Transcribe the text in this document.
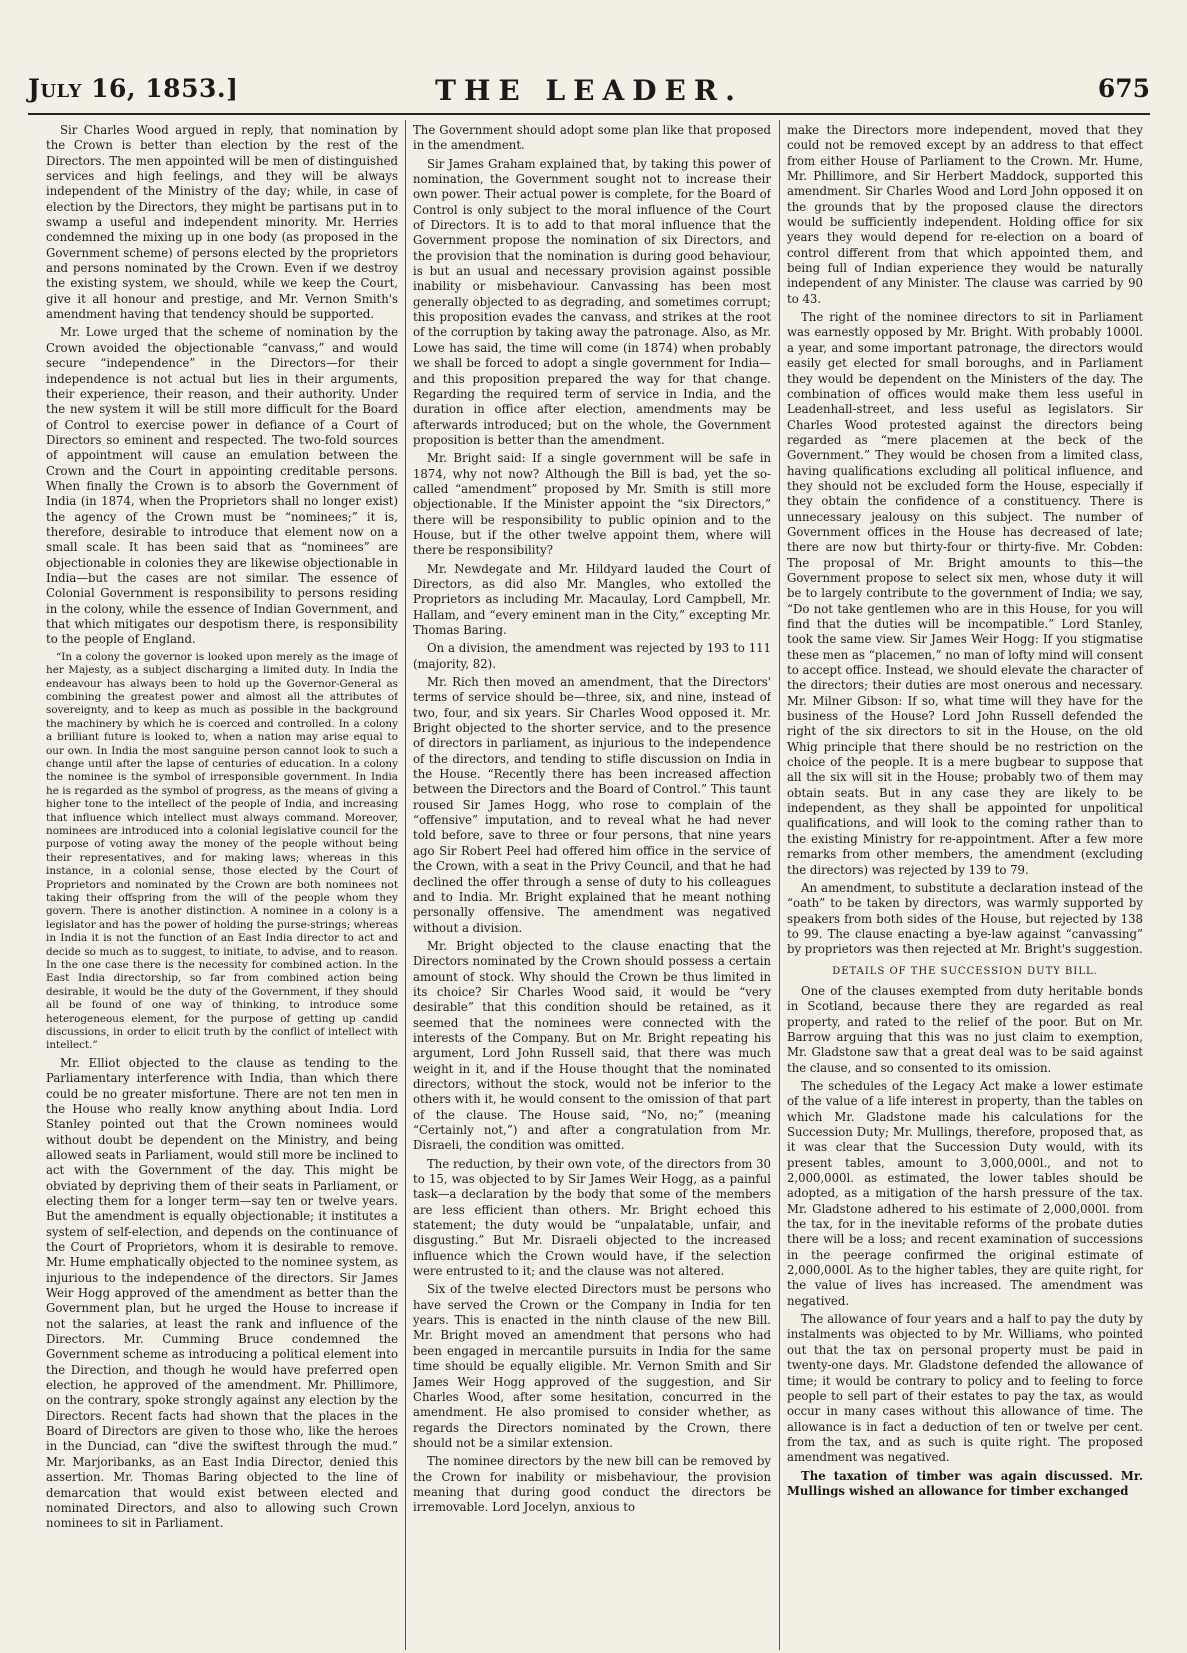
July 16, 1853.]	THE LEADER.	675

Sir Charles Wood argued in reply, that nomination by the Crown is better than election by the rest of the Directors. The men appointed will be men of distinguished services and high feelings, and they will be always independent of the Ministry of the day; while, in case of election by the Directors, they might be partisans put in to swamp a useful and independent minority. Mr. Herries condemned the mixing up in one body (as proposed in the Government scheme) of persons elected by the proprietors and persons nominated by the Crown. Even if we destroy the existing system, we should, while we keep the Court, give it all honour and prestige, and Mr. Vernon Smith's amendment having that tendency should be supported.

Mr. Lowe urged that the scheme of nomination by the Crown avoided the objectionable “canvass,” and would secure “independence” in the Directors—for their independence is not actual but lies in their arguments, their experience, their reason, and their authority. Under the new system it will be still more difficult for the Board of Control to exercise power in defiance of a Court of Directors so eminent and respected. The two-fold sources of appointment will cause an emulation between the Crown and the Court in appointing creditable persons. When finally the Crown is to absorb the Government of India (in 1874, when the Proprietors shall no longer exist) the agency of the Crown must be “nominees;” it is, therefore, desirable to introduce that element now on a small scale. It has been said that as “nominees” are objectionable in colonies they are likewise objectionable in India—but the cases are not similar. The essence of Colonial Government is responsibility to persons residing in the colony, while the essence of Indian Government, and that which mitigates our despotism there, is responsibility to the people of England.

“In a colony the governor is looked upon merely as the image of her Majesty, as a subject discharging a limited duty. In India the endeavour has always been to hold up the Governor-General as combining the greatest power and almost all the attributes of sovereignty, and to keep as much as possible in the background the machinery by which he is coerced and controlled. In a colony a brilliant future is looked to, when a nation may arise equal to our own. In India the most sanguine person cannot look to such a change until after the lapse of centuries of education. In a colony the nominee is the symbol of irresponsible government. In India he is regarded as the symbol of progress, as the means of giving a higher tone to the intellect of the people of India, and increasing that influence which intellect must always command. Moreover, nominees are introduced into a colonial legislative council for the purpose of voting away the money of the people without being their representatives, and for making laws; whereas in this instance, in a colonial sense, those elected by the Court of Proprietors and nominated by the Crown are both nominees not taking their offspring from the will of the people whom they govern. There is another distinction. A nominee in a colony is a legislator and has the power of holding the purse-strings; whereas in India it is not the function of an East India director to act and decide so much as to suggest, to initiate, to advise, and to reason. In the one case there is the necessity for combined action. In the East India directorship, so far from combined action being desirable, it would be the duty of the Government, if they should all be found of one way of thinking, to introduce some heterogeneous element, for the purpose of getting up candid discussions, in order to elicit truth by the conflict of intellect with intellect.”

Mr. Elliot objected to the clause as tending to the Parliamentary interference with India, than which there could be no greater misfortune. There are not ten men in the House who really know anything about India. Lord Stanley pointed out that the Crown nominees would without doubt be dependent on the Ministry, and being allowed seats in Parliament, would still more be inclined to act with the Government of the day. This might be obviated by depriving them of their seats in Parliament, or electing them for a longer term—say ten or twelve years. But the amendment is equally objectionable; it institutes a system of self-election, and depends on the continuance of the Court of Proprietors, whom it is desirable to remove. Mr. Hume emphatically objected to the nominee system, as injurious to the independence of the directors. Sir James Weir Hogg approved of the amendment as better than the Government plan, but he urged the House to increase if not the salaries, at least the rank and influence of the Directors. Mr. Cumming Bruce condemned the Government scheme as introducing a political element into the Direction, and though he would have preferred open election, he approved of the amendment. Mr. Phillimore, on the contrary, spoke strongly against any election by the Directors. Recent facts had shown that the places in the Board of Directors are given to those who, like the heroes in the Dunciad, can “dive the swiftest through the mud.” Mr. Marjoribanks, as an East India Director, denied this assertion. Mr. Thomas Baring objected to the line of demarcation that would exist between elected and nominated Directors, and also to allowing such Crown nominees to sit in Parliament.

The Government should adopt some plan like that proposed in the amendment.

Sir James Graham explained that, by taking this power of nomination, the Government sought not to increase their own power. Their actual power is complete, for the Board of Control is only subject to the moral influence of the Court of Directors. It is to add to that moral influence that the Government propose the nomination of six Directors, and the provision that the nomination is during good behaviour, is but an usual and necessary provision against possible inability or misbehaviour. Canvassing has been most generally objected to as degrading, and sometimes corrupt; this proposition evades the canvass, and strikes at the root of the corruption by taking away the patronage. Also, as Mr. Lowe has said, the time will come (in 1874) when probably we shall be forced to adopt a single government for India—and this proposition prepared the way for that change. Regarding the required term of service in India, and the duration in office after election, amendments may be afterwards introduced; but on the whole, the Government proposition is better than the amendment.

Mr. Bright said: If a single government will be safe in 1874, why not now? Although the Bill is bad, yet the so-called “amendment” proposed by Mr. Smith is still more objectionable. If the Minister appoint the “six Directors,” there will be responsibility to public opinion and to the House, but if the other twelve appoint them, where will there be responsibility?

Mr. Newdegate and Mr. Hildyard lauded the Court of Directors, as did also Mr. Mangles, who extolled the Proprietors as including Mr. Macaulay, Lord Campbell, Mr. Hallam, and “every eminent man in the City,” excepting Mr. Thomas Baring.

On a division, the amendment was rejected by 193 to 111 (majority, 82).

Mr. Rich then moved an amendment, that the Directors' terms of service should be—three, six, and nine, instead of two, four, and six years. Sir Charles Wood opposed it. Mr. Bright objected to the shorter service, and to the presence of directors in parliament, as injurious to the independence of the directors, and tending to stifle discussion on India in the House. “Recently there has been increased affection between the Directors and the Board of Control.” This taunt roused Sir James Hogg, who rose to complain of the “offensive” imputation, and to reveal what he had never told before, save to three or four persons, that nine years ago Sir Robert Peel had offered him office in the service of the Crown, with a seat in the Privy Council, and that he had declined the offer through a sense of duty to his colleagues and to India. Mr. Bright explained that he meant nothing personally offensive. The amendment was negatived without a division.

Mr. Bright objected to the clause enacting that the Directors nominated by the Crown should possess a certain amount of stock. Why should the Crown be thus limited in its choice? Sir Charles Wood said, it would be “very desirable” that this condition should be retained, as it seemed that the nominees were connected with the interests of the Company. But on Mr. Bright repeating his argument, Lord John Russell said, that there was much weight in it, and if the House thought that the nominated directors, without the stock, would not be inferior to the others with it, he would consent to the omission of that part of the clause. The House said, “No, no;” (meaning “Certainly not,”) and after a congratulation from Mr. Disraeli, the condition was omitted.

The reduction, by their own vote, of the directors from 30 to 15, was objected to by Sir James Weir Hogg, as a painful task—a declaration by the body that some of the members are less efficient than others. Mr. Bright echoed this statement; the duty would be “unpalatable, unfair, and disgusting.” But Mr. Disraeli objected to the increased influence which the Crown would have, if the selection were entrusted to it; and the clause was not altered.

Six of the twelve elected Directors must be persons who have served the Crown or the Company in India for ten years. This is enacted in the ninth clause of the new Bill. Mr. Bright moved an amendment that persons who had been engaged in mercantile pursuits in India for the same time should be equally eligible. Mr. Vernon Smith and Sir James Weir Hogg approved of the suggestion, and Sir Charles Wood, after some hesitation, concurred in the amendment. He also promised to consider whether, as regards the Directors nominated by the Crown, there should not be a similar extension.

The nominee directors by the new bill can be removed by the Crown for inability or misbehaviour, the provision meaning that during good conduct the directors be irremovable. Lord Jocelyn, anxious to

make the Directors more independent, moved that they could not be removed except by an address to that effect from either House of Parliament to the Crown. Mr. Hume, Mr. Phillimore, and Sir Herbert Maddock, supported this amendment. Sir Charles Wood and Lord John opposed it on the grounds that by the proposed clause the directors would be sufficiently independent. Holding office for six years they would depend for re-election on a board of control different from that which appointed them, and being full of Indian experience they would be naturally independent of any Minister. The clause was carried by 90 to 43.

The right of the nominee directors to sit in Parliament was earnestly opposed by Mr. Bright. With probably 1000l. a year, and some important patronage, the directors would easily get elected for small boroughs, and in Parliament they would be dependent on the Ministers of the day. The combination of offices would make them less useful in Leadenhall-street, and less useful as legislators. Sir Charles Wood protested against the directors being regarded as “mere placemen at the beck of the Government.” They would be chosen from a limited class, having qualifications excluding all political influence, and they should not be excluded form the House, especially if they obtain the confidence of a constituency. There is unnecessary jealousy on this subject. The number of Government offices in the House has decreased of late; there are now but thirty-four or thirty-five. Mr. Cobden: The proposal of Mr. Bright amounts to this—the Government propose to select six men, whose duty it will be to largely contribute to the government of India; we say, “Do not take gentlemen who are in this House, for you will find that the duties will be incompatible.” Lord Stanley, took the same view. Sir James Weir Hogg: If you stigmatise these men as “placemen,” no man of lofty mind will consent to accept office. Instead, we should elevate the character of the directors; their duties are most onerous and necessary. Mr. Milner Gibson: If so, what time will they have for the business of the House? Lord John Russell defended the right of the six directors to sit in the House, on the old Whig principle that there should be no restriction on the choice of the people. It is a mere bugbear to suppose that all the six will sit in the House; probably two of them may obtain seats. But in any case they are likely to be independent, as they shall be appointed for unpolitical qualifications, and will look to the coming rather than to the existing Ministry for re-appointment. After a few more remarks from other members, the amendment (excluding the directors) was rejected by 139 to 79.

An amendment, to substitute a declaration instead of the “oath” to be taken by directors, was warmly supported by speakers from both sides of the House, but rejected by 138 to 99. The clause enacting a bye-law against “canvassing” by proprietors was then rejected at Mr. Bright's suggestion.

DETAILS OF THE SUCCESSION DUTY BILL.

One of the clauses exempted from duty heritable bonds in Scotland, because there they are regarded as real property, and rated to the relief of the poor. But on Mr. Barrow arguing that this was no just claim to exemption, Mr. Gladstone saw that a great deal was to be said against the clause, and so consented to its omission.

The schedules of the Legacy Act make a lower estimate of the value of a life interest in property, than the tables on which Mr. Gladstone made his calculations for the Succession Duty; Mr. Mullings, therefore, proposed that, as it was clear that the Succession Duty would, with its present tables, amount to 3,000,000l., and not to 2,000,000l. as estimated, the lower tables should be adopted, as a mitigation of the harsh pressure of the tax. Mr. Gladstone adhered to his estimate of 2,000,000l. from the tax, for in the inevitable reforms of the probate duties there will be a loss; and recent examination of successions in the peerage confirmed the original estimate of 2,000,000l. As to the higher tables, they are quite right, for the value of lives has increased. The amendment was negatived.

The allowance of four years and a half to pay the duty by instalments was objected to by Mr. Williams, who pointed out that the tax on personal property must be paid in twenty-one days. Mr. Gladstone defended the allowance of time; it would be contrary to policy and to feeling to force people to sell part of their estates to pay the tax, as would occur in many cases without this allowance of time. The allowance is in fact a deduction of ten or twelve per cent. from the tax, and as such is quite right. The proposed amendment was negatived.

The taxation of timber was again discussed. Mr. Mullings wished an allowance for timber exchanged
